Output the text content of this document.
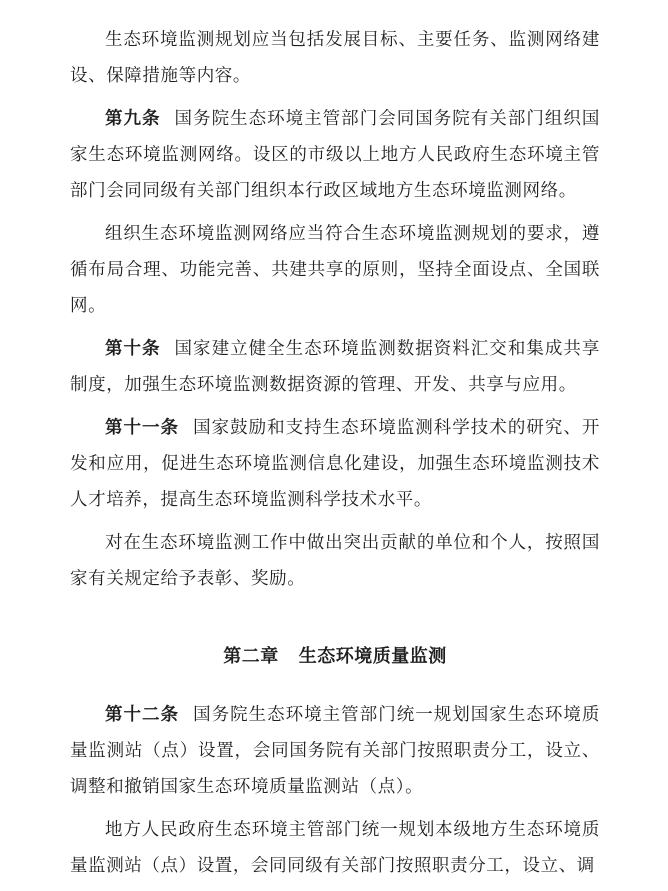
生态环境监测规划应当包括发展目标、主要任务、监测网络建设、保障措施等内容。

第九条 国务院生态环境主管部门会同国务院有关部门组织国家生态环境监测网络。设区的市级以上地方人民政府生态环境主管部门会同同级有关部门组织本行政区域地方生态环境监测网络。

组织生态环境监测网络应当符合生态环境监测规划的要求，遵循布局合理、功能完善、共建共享的原则，坚持全面设点、全国联网。

第十条 国家建立健全生态环境监测数据资料汇交和集成共享制度，加强生态环境监测数据资源的管理、开发、共享与应用。

第十一条 国家鼓励和支持生态环境监测科学技术的研究、开发和应用，促进生态环境监测信息化建设，加强生态环境监测技术人才培养，提高生态环境监测科学技术水平。

对在生态环境监测工作中做出突出贡献的单位和个人，按照国家有关规定给予表彰、奖励。

第二章 生态环境质量监测

第十二条 国务院生态环境主管部门统一规划国家生态环境质量监测站（点）设置，会同国务院有关部门按照职责分工，设立、调整和撤销国家生态环境质量监测站（点）。

地方人民政府生态环境主管部门统一规划本级地方生态环境质量监测站（点）设置，会同同级有关部门按照职责分工，设立、调
